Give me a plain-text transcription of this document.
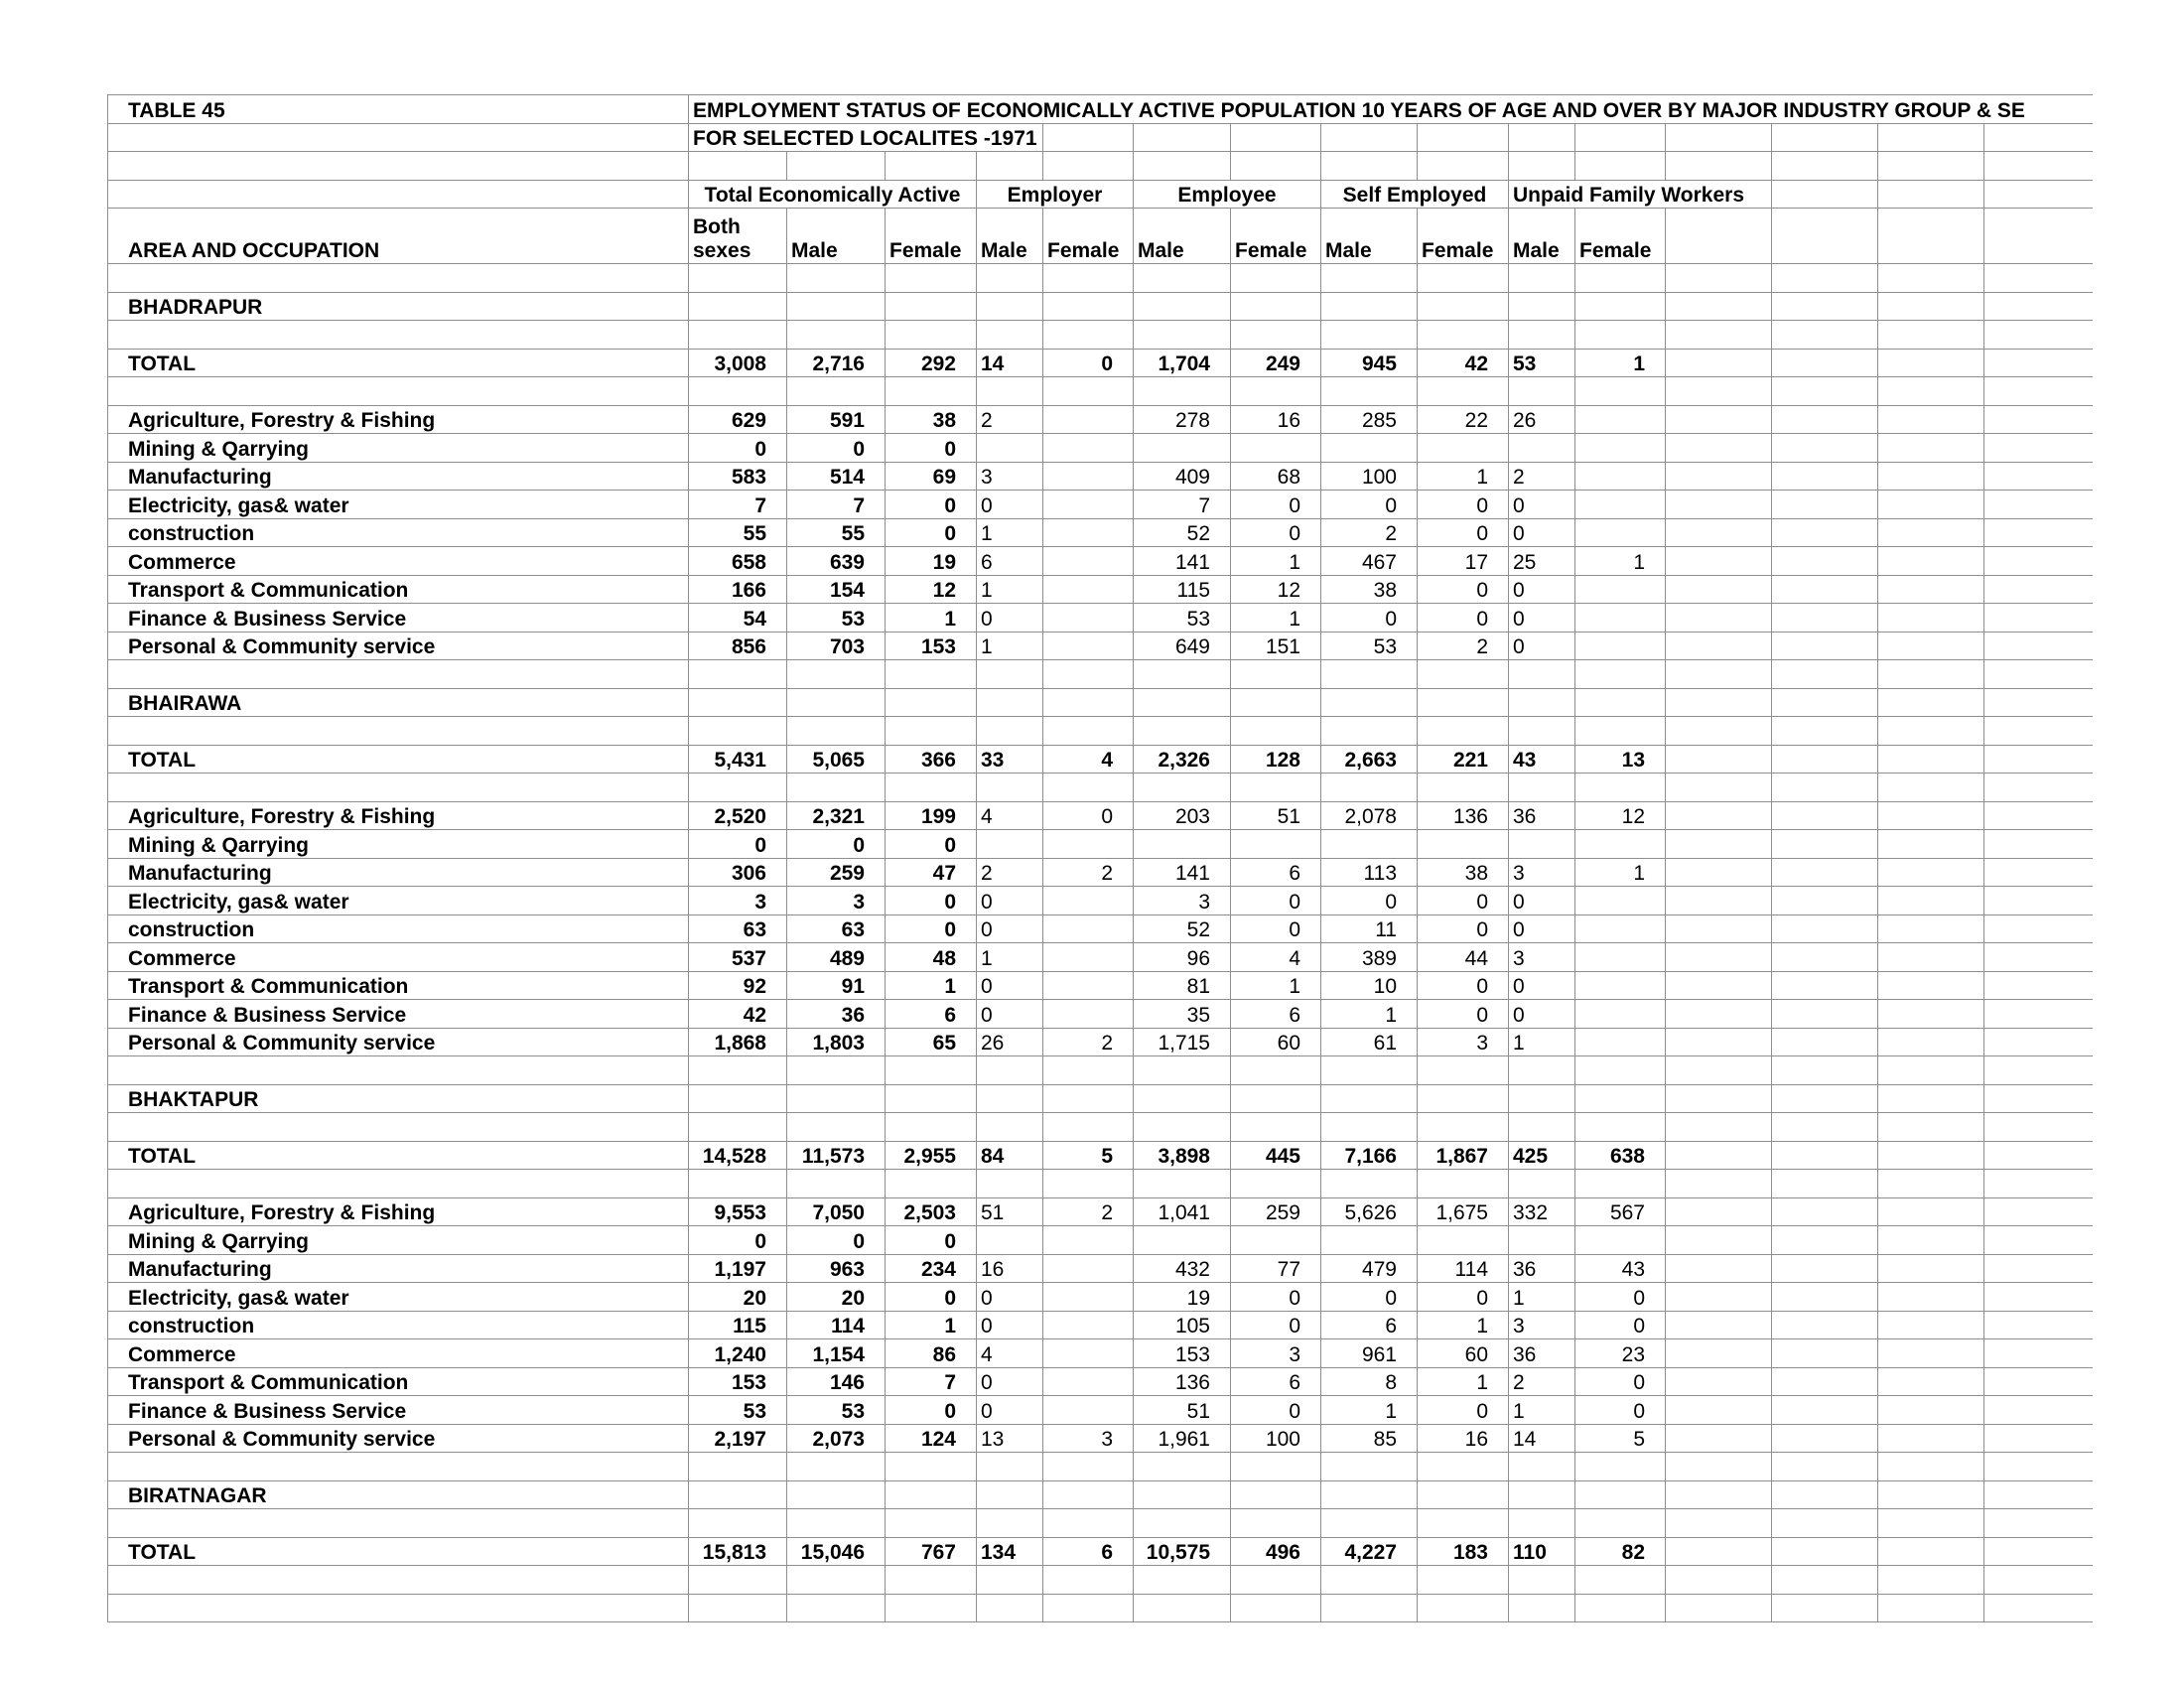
TABLE 45	EMPLOYMENT STATUS OF ECONOMICALLY ACTIVE POPULATION 10 YEARS OF AGE AND OVER BY MAJOR INDUSTRY GROUP & SE														

	FOR SELECTED LOCALITES -1971														

	Total Economically Active			Employer		Employee		Self Employed		Unpaid Family Workers					
AREA AND OCCUPATION	Both
sexes	Male	Female	Male	Female	Male	Female	Male	Female	Male	Female				

BHADRAPUR															

TOTAL	3,008	2,716	292	14	0	1,704	249	945	42	53	1				

Agriculture, Forestry & Fishing	629	591	38	2		278	16	285	22	26					
Mining & Qarrying	0	0	0												
Manufacturing	583	514	69	3		409	68	100	1	2					
Electricity, gas& water	7	7	0	0		7	0	0	0	0					
construction	55	55	0	1		52	0	2	0	0					
Commerce	658	639	19	6		141	1	467	17	25	1				
Transport & Communication	166	154	12	1		115	12	38	0	0					
Finance & Business Service	54	53	1	0		53	1	0	0	0					
Personal & Community service	856	703	153	1		649	151	53	2	0					

BHAIRAWA															

TOTAL	5,431	5,065	366	33	4	2,326	128	2,663	221	43	13				

Agriculture, Forestry & Fishing	2,520	2,321	199	4	0	203	51	2,078	136	36	12				
Mining & Qarrying	0	0	0												
Manufacturing	306	259	47	2	2	141	6	113	38	3	1				
Electricity, gas& water	3	3	0	0		3	0	0	0	0					
construction	63	63	0	0		52	0	11	0	0					
Commerce	537	489	48	1		96	4	389	44	3					
Transport & Communication	92	91	1	0		81	1	10	0	0					
Finance & Business Service	42	36	6	0		35	6	1	0	0					
Personal & Community service	1,868	1,803	65	26	2	1,715	60	61	3	1					

BHAKTAPUR															

TOTAL	14,528	11,573	2,955	84	5	3,898	445	7,166	1,867	425	638				

Agriculture, Forestry & Fishing	9,553	7,050	2,503	51	2	1,041	259	5,626	1,675	332	567				
Mining & Qarrying	0	0	0												
Manufacturing	1,197	963	234	16		432	77	479	114	36	43				
Electricity, gas& water	20	20	0	0		19	0	0	0	1	0				
construction	115	114	1	0		105	0	6	1	3	0				
Commerce	1,240	1,154	86	4		153	3	961	60	36	23				
Transport & Communication	153	146	7	0		136	6	8	1	2	0				
Finance & Business Service	53	53	0	0		51	0	1	0	1	0				
Personal & Community service	2,197	2,073	124	13	3	1,961	100	85	16	14	5				

BIRATNAGAR															

TOTAL	15,813	15,046	767	134	6	10,575	496	4,227	183	110	82				
